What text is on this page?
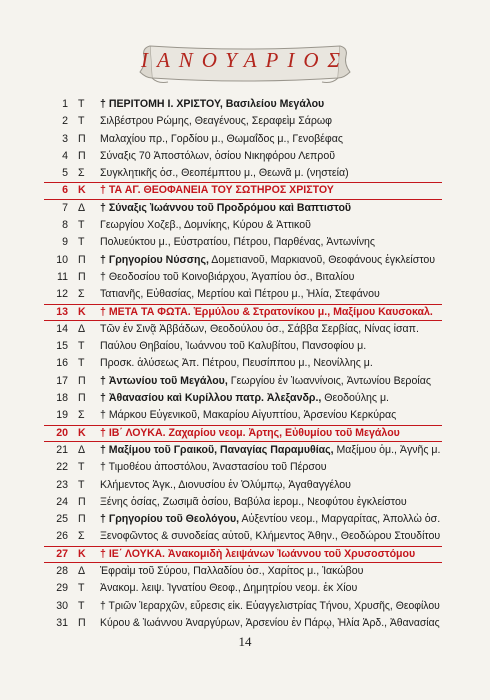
ΙΑΝΟΥΑΡΙΟΣ
1 Τ	† ΠΕΡΙΤΟΜΗ Ι. ΧΡΙΣΤΟΥ, Βασιλείου Μεγάλου
2 Τ	Σιλβέστρου Ρώμης, Θεαγένους, Σεραφεὶμ Σάρωφ
3 Π	Μαλαχίου πρ., Γορδίου μ., Θωμαΐδος μ., Γενοβέφας
4 Π	Σύναξις 70 Ἀποστόλων, ὁσίου Νικηφόρου Λεπροῦ
5 Σ	Συγκλητικῆς ὁσ., Θεοπέμπτου μ., Θεωνᾶ μ. (νηστεία)
6 Κ	† ΤΑ ΑΓ. ΘΕΟΦΑΝΕΙΑ ΤΟΥ ΣΩΤΗΡΟΣ ΧΡΙΣΤΟΥ
7 Δ	† Σύναξις Ἰωάννου τοῦ Προδρόμου καὶ Βαπτιστοῦ
8 Τ	Γεωργίου Χοζεβ., Δομνίκης, Κύρου & Ἀττικοῦ
9 Τ	Πολυεύκτου μ., Εὐστρατίου, Πέτρου, Παρθένας, Ἀντωνίνης
10 Π	† Γρηγορίου Νύσσης, Δομετιανοῦ, Μαρκιανοῦ, Θεοφάνους ἐγκλείστου
11 Π	† Θεοδοσίου τοῦ Κοινοβιάρχου, Ἀγαπίου ὁσ., Βιταλίου
12 Σ	Τατιανῆς, Εὐθασίας, Μερτίου καὶ Πέτρου μ., Ἠλία, Στεφάνου
13 Κ	† ΜΕΤΑ ΤΑ ΦΩΤΑ. Ἑρμύλου & Στρατονίκου μ., Μαξίμου Καυσοκαλ.
14 Δ	Τῶν ἐν Σινᾷ Ἀββάδων, Θεοδούλου ὁσ., Σάββα Σερβίας, Νίνας ἰσαπ.
15 Τ	Παύλου Θηβαίου, Ἰωάννου τοῦ Καλυβίτου, Πανσοφίου μ.
16 Τ	Προσκ. ἁλύσεως Ἀπ. Πέτρου, Πευσίππου μ., Νεονίλλης μ.
17 Π	† Ἀντωνίου τοῦ Μεγάλου, Γεωργίου ἐν Ἰωαννίνοις, Ἀντωνίου Βεροίας
18 Π	† Ἀθανασίου καὶ Κυρίλλου πατρ. Ἀλεξανδρ., Θεοδούλης μ.
19 Σ	† Μάρκου Εὐγενικοῦ, Μακαρίου Αἰγυπτίου, Ἀρσενίου Κερκύρας
20 Κ	† ΙΒ΄ ΛΟΥΚΑ. Ζαχαρίου νεομ. Ἀρτης, Εὐθυμίου τοῦ Μεγάλου
21 Δ	† Μαξίμου τοῦ Γραικοῦ, Παναγίας Παραμυθίας, Μαξίμου ὁμ., Ἁγνῆς μ.
22 Τ	† Τιμοθέου ἀποστόλου, Ἀναστασίου τοῦ Πέρσου
23 Τ	Κλήμεντος Ἀγκ., Διονυσίου ἐν Ὀλύμπῳ, Ἀγαθαγγέλου
24 Π	Ξένης ὁσίας, Ζωσιμᾶ ὁσίου, Βαβύλα ἱερομ., Νεοφύτου ἐγκλείστου
25 Π	† Γρηγορίου τοῦ Θεολόγου, Αὐξεντίου νεομ., Μαργαρίτας, Ἀπολλὼ ὁσ.
26 Σ	Ξενοφῶντος & συνοδείας αὐτοῦ, Κλήμεντος Ἀθην., Θεοδώρου Στουδίτου
27 Κ	† ΙΕ΄ ΛΟΥΚΑ. Ἀνακομιδὴ λειψάνων Ἰωάννου τοῦ Χρυσοστόμου
28 Δ	Ἐφραὶμ τοῦ Σύρου, Παλλαδίου ὁσ., Χαρίτος μ., Ἰακώβου
29 Τ	Ἀνακομ. λειψ. Ἰγνατίου Θεοφ., Δημητρίου νεομ. ἐκ Χίου
30 Τ	† Τριῶν Ἱεραρχῶν, εὕρεσις εἰκ. Εὐαγγελιστρίας Τήνου, Χρυσῆς, Θεοφίλου
31 Π	Κύρου & Ἰωάννου Ἀναργύρων, Ἀρσενίου ἐν Πάρῳ, Ἠλία Ἀρδ., Ἀθανασίας
14
